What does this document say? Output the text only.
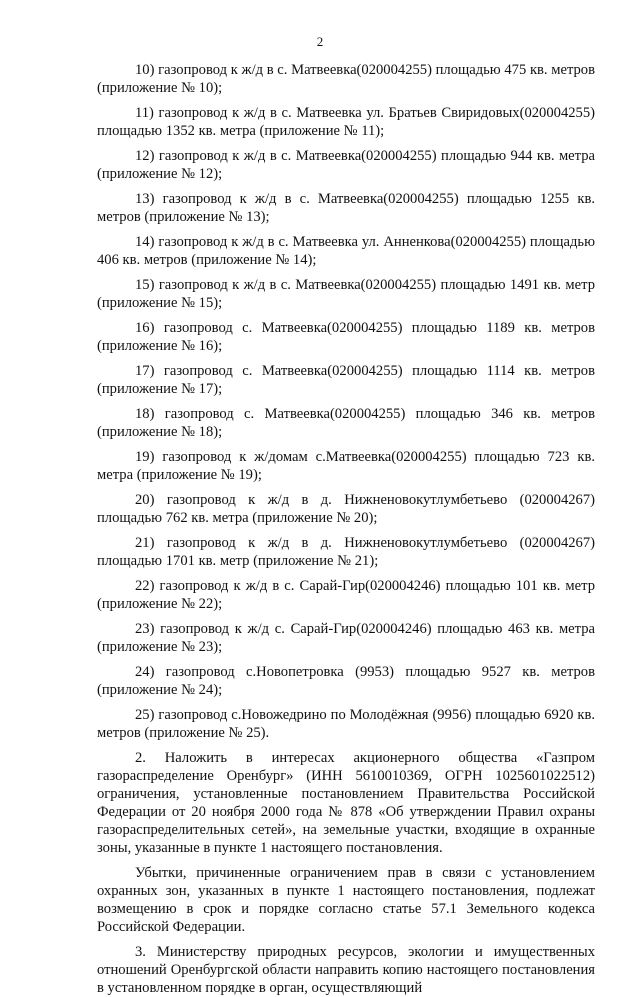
2

10) газопровод к ж/д в с. Матвеевка(020004255) площадью 475 кв. метров (приложение № 10);

11) газопровод к ж/д в с. Матвеевка ул. Братьев Свиридовых(020004255) площадью 1352 кв. метра (приложение № 11);

12) газопровод к ж/д в с. Матвеевка(020004255) площадью 944 кв. метра (приложение № 12);

13) газопровод к ж/д в с. Матвеевка(020004255) площадью 1255 кв. метров (приложение № 13);

14) газопровод к ж/д в с. Матвеевка ул. Анненкова(020004255) площадью 406 кв. метров (приложение № 14);

15) газопровод к ж/д в с. Матвеевка(020004255) площадью 1491 кв. метр (приложение № 15);

16) газопровод с. Матвеевка(020004255) площадью 1189 кв. метров (приложение № 16);

17) газопровод с. Матвеевка(020004255) площадью 1114 кв. метров (приложение № 17);

18) газопровод с. Матвеевка(020004255) площадью 346 кв. метров (приложение № 18);

19) газопровод к ж/домам с.Матвеевка(020004255) площадью 723 кв. метра (приложение № 19);

20) газопровод к ж/д в д. Нижненовокутлумбетьево (020004267) площадью 762 кв. метра (приложение № 20);

21) газопровод к ж/д в д. Нижненовокутлумбетьево (020004267) площадью 1701 кв. метр (приложение № 21);

22) газопровод к ж/д в с. Сарай-Гир(020004246) площадью 101 кв. метр (приложение № 22);

23) газопровод к ж/д с. Сарай-Гир(020004246) площадью 463 кв. метра (приложение № 23);

24) газопровод с.Новопетровка (9953) площадью 9527 кв. метров (приложение № 24);

25) газопровод с.Новожедрино по Молодёжная (9956) площадью 6920 кв. метров (приложение № 25).

2. Наложить в интересах акционерного общества «Газпром газораспределение Оренбург» (ИНН 5610010369, ОГРН 1025601022512) ограничения, установленные постановлением Правительства Российской Федерации от 20 ноября 2000 года № 878 «Об утверждении Правил охраны газораспределительных сетей», на земельные участки, входящие в охранные зоны, указанные в пункте 1 настоящего постановления.

Убытки, причиненные ограничением прав в связи с установлением охранных зон, указанных в пункте 1 настоящего постановления, подлежат возмещению в срок и порядке согласно статье 57.1 Земельного кодекса Российской Федерации.

3. Министерству природных ресурсов, экологии и имущественных отношений Оренбургской области направить копию настоящего постановления в установленном порядке в орган, осуществляющий
